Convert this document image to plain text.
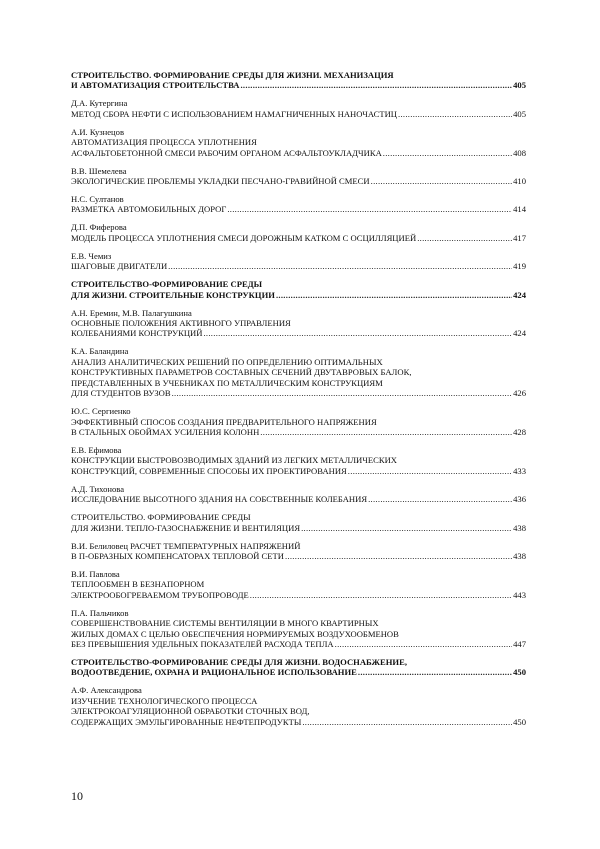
СТРОИТЕЛЬСТВО. ФОРМИРОВАНИЕ СРЕДЫ ДЛЯ ЖИЗНИ. МЕХАНИЗАЦИЯ
И АВТОМАТИЗАЦИЯ СТРОИТЕЛЬСТВА .....	405
Д.А. Кутергина
МЕТОД СБОРА НЕФТИ С ИСПОЛЬЗОВАНИЕМ НАМАГНИЧЕННЫХ НАНОЧАСТИЦ .....	405
А.И. Кузнецов
АВТОМАТИЗАЦИЯ ПРОЦЕССА УПЛОТНЕНИЯ
АСФАЛЬТОБЕТОННОЙ СМЕСИ РАБОЧИМ ОРГАНОМ АСФАЛЬТОУКЛАДЧИКА .....	408
В.В. Шемелева
ЭКОЛОГИЧЕСКИЕ ПРОБЛЕМЫ УКЛАДКИ ПЕСЧАНО-ГРАВИЙНОЙ СМЕСИ .....	410
Н.С. Султанов
РАЗМЕТКА АВТОМОБИЛЬНЫХ ДОРОГ .....	414
Д.П. Фиферова
МОДЕЛЬ ПРОЦЕССА УПЛОТНЕНИЯ СМЕСИ ДОРОЖНЫМ КАТКОМ С ОСЦИЛЛЯЦИЕЙ .....	417
Е.В. Чемиз
ШАГОВЫЕ ДВИГАТЕЛИ .....	419
СТРОИТЕЛЬСТВО-ФОРМИРОВАНИЕ СРЕДЫ
ДЛЯ ЖИЗНИ. СТРОИТЕЛЬНЫЕ КОНСТРУКЦИИ .....	424
А.Н. Еремин, М.В. Палагушкина
ОСНОВНЫЕ ПОЛОЖЕНИЯ АКТИВНОГО УПРАВЛЕНИЯ
КОЛЕБАНИЯМИ КОНСТРУКЦИЙ .....	424
К.А. Баландина
АНАЛИЗ АНАЛИТИЧЕСКИХ РЕШЕНИЙ ПО ОПРЕДЕЛЕНИЮ ОПТИМАЛЬНЫХ
КОНСТРУКТИВНЫХ ПАРАМЕТРОВ СОСТАВНЫХ СЕЧЕНИЙ ДВУТАВРОВЫХ БАЛОК,
ПРЕДСТАВЛЕННЫХ В УЧЕБНИКАХ ПО МЕТАЛЛИЧЕСКИМ КОНСТРУКЦИЯМ
ДЛЯ СТУДЕНТОВ ВУЗОВ .....	426
Ю.С. Сергиенко
ЭФФЕКТИВНЫЙ СПОСОБ СОЗДАНИЯ ПРЕДВАРИТЕЛЬНОГО НАПРЯЖЕНИЯ
В СТАЛЬНЫХ ОБОЙМАХ УСИЛЕНИЯ КОЛОНН .....	428
Е.В. Ефимова
КОНСТРУКЦИИ БЫСТРОВОЗВОДИМЫХ ЗДАНИЙ ИЗ ЛЕГКИХ МЕТАЛЛИЧЕСКИХ
КОНСТРУКЦИЙ, СОВРЕМЕННЫЕ СПОСОБЫ ИХ ПРОЕКТИРОВАНИЯ .....	433
А.Д. Тихонова
ИССЛЕДОВАНИЕ ВЫСОТНОГО ЗДАНИЯ НА СОБСТВЕННЫЕ КОЛЕБАНИЯ .....	436
СТРОИТЕЛЬСТВО. ФОРМИРОВАНИЕ СРЕДЫ
ДЛЯ ЖИЗНИ. ТЕПЛО-ГАЗОСНАБЖЕНИЕ И ВЕНТИЛЯЦИЯ .....	438
В.И. Белиловец РАСЧЕТ ТЕМПЕРАТУРНЫХ НАПРЯЖЕНИЙ
В П-ОБРАЗНЫХ КОМПЕНСАТОРАХ ТЕПЛОВОЙ СЕТИ .....	438
В.И. Павлова
ТЕПЛООБМЕН В БЕЗНАПОРНОМ
ЭЛЕКТРООБОГРЕВАЕМОМ ТРУБОПРОВОДЕ .....	443
П.А. Пальчиков
СОВЕРШЕНСТВОВАНИЕ СИСТЕМЫ ВЕНТИЛЯЦИИ В МНОГО КВАРТИРНЫХ
ЖИЛЫХ ДОМАХ С ЦЕЛЬЮ ОБЕСПЕЧЕНИЯ НОРМИРУЕМЫХ ВОЗДУХООБМЕНОВ
БЕЗ ПРЕВЫШЕНИЯ УДЕЛЬНЫХ ПОКАЗАТЕЛЕЙ РАСХОДА ТЕПЛА .....	447
СТРОИТЕЛЬСТВО-ФОРМИРОВАНИЕ СРЕДЫ ДЛЯ ЖИЗНИ. ВОДОСНАБЖЕНИЕ,
ВОДООТВЕДЕНИЕ, ОХРАНА И РАЦИОНАЛЬНОЕ ИСПОЛЬЗОВАНИЕ .....	450
А.Ф. Александрова
ИЗУЧЕНИЕ ТЕХНОЛОГИЧЕСКОГО ПРОЦЕССА
ЭЛЕКТРОКОАГУЛЯЦИОННОЙ ОБРАБОТКИ СТОЧНЫХ ВОД,
СОДЕРЖАЩИХ ЭМУЛЬГИРОВАННЫЕ НЕФТЕПРОДУКТЫ .....	450
10
